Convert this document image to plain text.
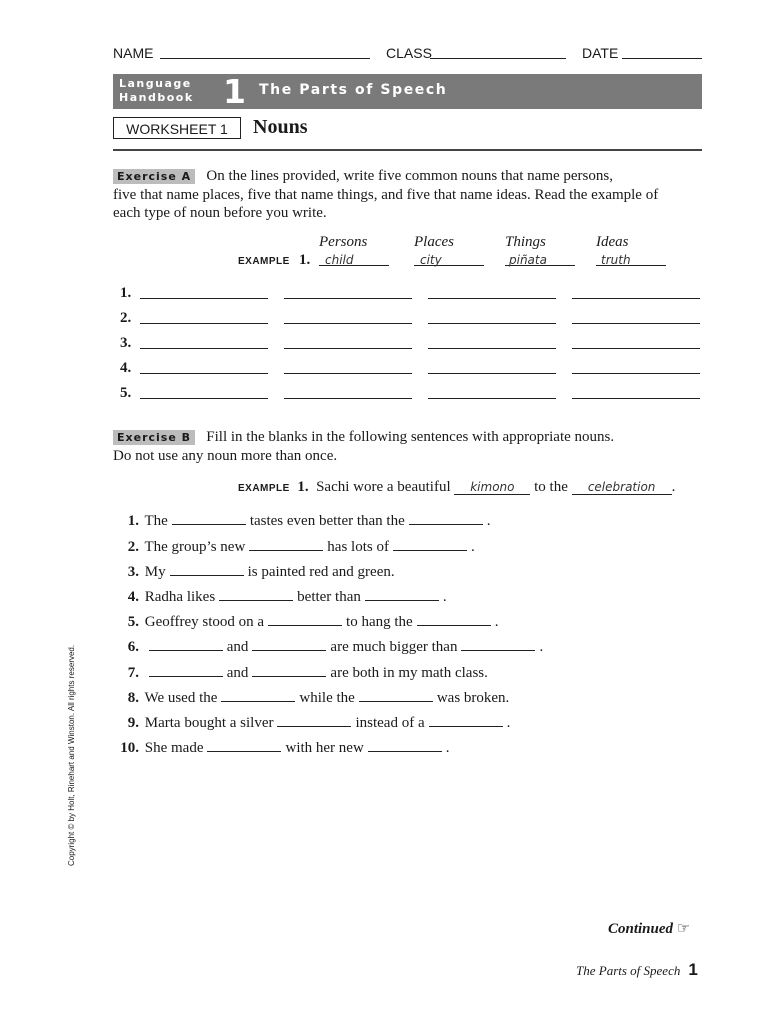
NAME	CLASS	DATE
Language
Handbook 1 The Parts of Speech
WORKSHEET 1	Nouns
Exercise A On the lines provided, write five common nouns that name persons,
five that name places, five that name things, and five that name ideas. Read the example of
each type of noun before you write.
Persons	Places	Things	Ideas
EXAMPLE 1. child	city	piñata	truth
1.
2.
3.
4.
5.
Exercise B Fill in the blanks in the following sentences with appropriate nouns.
Do not use any noun more than once.
EXAMPLE 1. Sachi wore a beautiful kimono to the celebration .
1. The	tastes even better than the	.
2. The group’s new	has lots of	.
3. My	is painted red and green.
4. Radha likes	better than	.
5. Geoffrey stood on a	to hang the	.
6.	and	are much bigger than	.
7.	and	are both in my math class.
8. We used the	while the	was broken.
9. Marta bought a silver	instead of a	.
10. She made	with her new	.
Copyright © by Holt, Rinehart and Winston. All rights reserved.
Continued ☞
The Parts of Speech 1
